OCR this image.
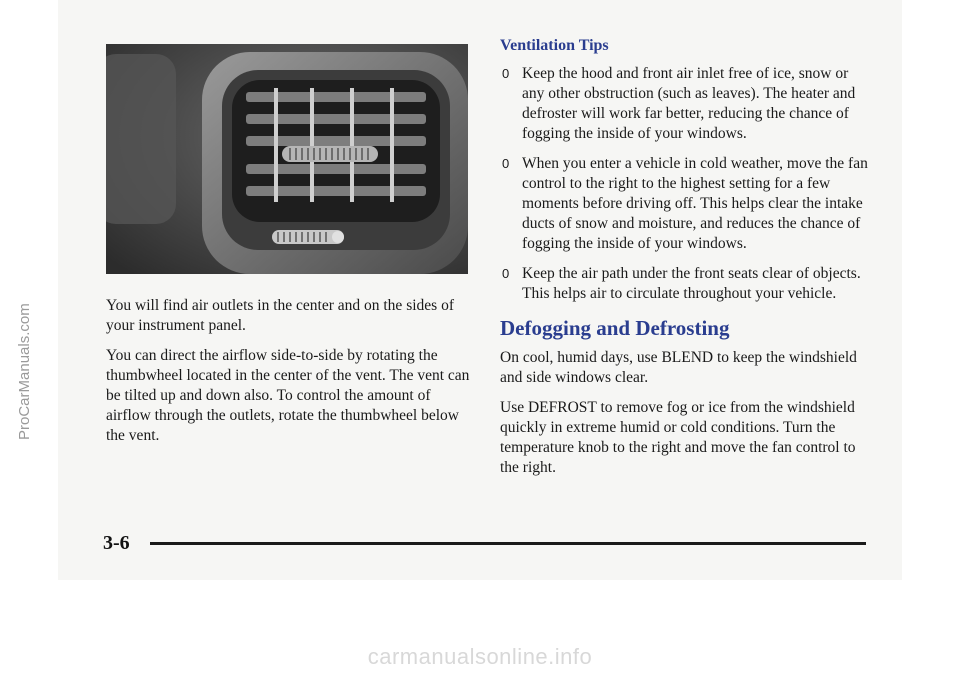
ProCarManuals.com	You will find air outlets in the center and on the sides of your instrument panel.

You can direct the airflow side-to-side by rotating the thumbwheel located in the center of the vent. The vent can be tilted up and down also. To control the amount of airflow through the outlets, rotate the thumbwheel below the vent.

Ventilation Tips
0 Keep the hood and front air inlet free of ice, snow or any other obstruction (such as leaves). The heater and defroster will work far better, reducing the chance of fogging the inside of your windows.
0 When you enter a vehicle in cold weather, move the fan control to the right to the highest setting for a few moments before driving off. This helps clear the intake ducts of snow and moisture, and reduces the chance of fogging the inside of your windows.
0 Keep the air path under the front seats clear of objects. This helps air to circulate throughout your vehicle.
Defogging and Defrosting

On cool, humid days, use BLEND to keep the windshield and side windows clear.

Use DEFROST to remove fog or ice from the windshield quickly in extreme humid or cold conditions. Turn the temperature knob to the right and move the fan control to the right.

3-6
carmanualsonline.info
